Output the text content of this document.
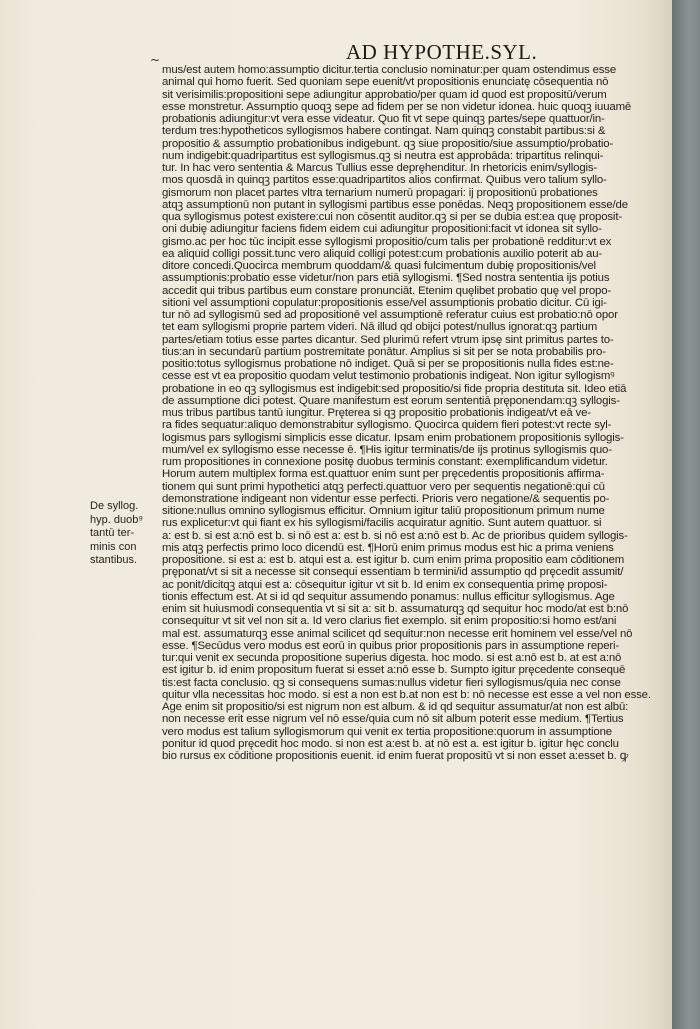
~	AD HYPOTHE.SYL.
De syllog.
hyp. duob⁹
tantū ter-
minis con
stantibus.
mus/est autem homo:assumptio dicitur.tertia conclusio nominatur:per quam ostendimus esse
animal qui homo fuerit. Sed quoniam sepe euenit/vt propositionis enunciatę cōsequentia nō
sit verisimilis:propositioni sepe adiungitur approbatio/per quam id quod est propositū/verum
esse monstretur. Assumptio quoqꝫ sepe ad fidem per se non videtur idonea. huic quoqꝫ iuuamē
probationis adiungitur:vt vera esse videatur. Quo fit vt sepe quinqꝫ partes/sepe quattuor/in-
terdum tres:hypotheticos syllogismos habere contingat. Nam quinqꝫ constabit partibus:si &
propositio & assumptio probationibus indigebunt. qꝫ siue propositio/siue assumptio/probatio-
num indigebit:quadripartitus est syllogismus.qꝫ si neutra est approbāda: tripartitus relinqui-
tur. In hac vero sententia & Marcus Tullius esse depręhenditur. In rhetoricis enim/syllogis-
mos quosdā in quinqꝫ partitos esse:quadripartitos alios confirmat. Quibus vero talium syllo-
gismorum non placet partes vltra ternarium numerū propagari: ij propositionū probationes
atqꝫ assumptionū non putant in syllogismi partibus esse ponēdas. Neqꝫ propositionem esse/de
qua syllogismus potest existere:cui non cōsentit auditor.qꝫ si per se dubia est:ea quę proposit-
oni dubię adiungitur faciens fidem eidem cui adiungitur propositioni:facit vt idonea sit syllo-
gismo.ac per hoc tūc incipit esse syllogismi propositio/cum talis per probationē redditur:vt ex
ea aliquid colligi possit.tunc vero aliquid colligi potest:cum probationis auxilio poterit ab au-
ditore concedi.Quocirca membrum quoddam/& quasi fulcimentum dubię propositionis/vel
assumptionis:probatio esse videtur/non pars etiā syllogismi. ¶Sed nostra sententia ijs potius
accedit qui tribus partibus eum constare pronunciāt. Etenim quęlibet probatio quę vel propo-
sitioni vel assumptioni copulatur:propositionis esse/vel assumptionis probatio dicitur. Cū igi-
tur nō ad syllogismū sed ad propositionē vel assumptionē referatur cuius est probatio:nō opor
tet eam syllogismi proprie partem videri. Nā illud qd obijci potest/nullus ignorat:qꝫ partium
partes/etiam totius esse partes dicantur. Sed plurimū refert vtrum ipsę sint primitus partes to-
tius:an in secundarū partium postremitate ponātur. Amplius si sit per se nota probabilis pro-
positio:totus syllogismus probatione nō indiget. Quā si per se propositionis nulla fides est:ne-
cesse est vt ea propositio quodam velut testimonio probationis indigeat. Non igitur syllogismꝰ
probatione in eo qꝫ syllogismus est indigebit:sed propositio/si fide propria destituta sit. Ideo etiā
de assumptione dici potest. Quare manifestum est eorum sententiā pręponendam:qꝫ syllogis-
mus tribus partibus tantū iungitur. Pręterea si qꝫ propositio probationis indigeat/vt eā ve-
ra fides sequatur:aliquo demonstrabitur syllogismo. Quocirca quidem fieri potest:vt recte syl-
logismus pars syllogismi simplicis esse dicatur. Ipsam enim probationem propositionis syllogis-
mum/vel ex syllogismo esse necesse ē. ¶His igitur terminatis/de ijs protinus syllogismis quo-
rum propositiones in connexione positę duobus terminis constant: exemplificandum videtur.
Horum autem multiplex forma est.quattuor enim sunt per pręcedentis propositionis affirma-
tionem qui sunt primi hypothetici atqꝫ perfecti.quattuor vero per sequentis negationē:qui cū
demonstratione indigeant non videntur esse perfecti. Prioris vero negatione/& sequentis po-
sitione:nullus omnino syllogismus efficitur. Omnium igitur taliū propositionum primum nume
rus explicetur:vt qui fiant ex his syllogismi/facilis acquiratur agnitio. Sunt autem quattuor. si
a: est b. si est a:nō est b. si nō est a: est b. si nō est a:nō est b. Ac de prioribus quidem syllogis-
mis atqꝫ perfectis primo loco dicendū est. ¶Horū enim primus modus est hic a prima veniens
propositione. si est a: est b. atqui est a. est igitur b. cum enim prima propositio eam cōditionem
pręponat/vt si sit a necesse sit consequi essentiam b termini/id assumptio qd pręcedit assumit/
ac ponit/dicitqꝫ atqui est a: cōsequitur igitur vt sit b. Id enim ex consequentia primę proposi-
tionis effectum est. At si id qd sequitur assumendo ponamus: nullus efficitur syllogismus. Age
enim sit huiusmodi consequentia vt si sit a: sit b. assumaturqꝫ qd sequitur hoc modo/at est b:nō
consequitur vt sit vel non sit a. Id vero clarius fiet exemplo. sit enim propositio:si homo est/ani
mal est. assumaturqꝫ esse animal scilicet qd sequitur:non necesse erit hominem vel esse/vel nō
esse. ¶Secūdus vero modus est eorū in quibus prior propositionis pars in assumptione reperi-
tur:qui venit ex secunda propositione superius digesta. hoc modo. si est a:nō est b. at est a:nō
est igitur b. id enim propositum fuerat si esset a:nō esse b. Sumpto igitur pręcedente consequē
tis:est facta conclusio. qꝫ si consequens sumas:nullus videtur fieri syllogismus/quia nec conse
quitur vlla necessitas hoc modo. si est a non est b.at non est b: nō necesse est esse a vel non esse.
Age enim sit propositio/si est nigrum non est album. & id qd sequitur assumatur/at non est albū:
non necesse erit esse nigrum vel nō esse/quia cum nō sit album poterit esse medium. ¶Tertius
vero modus est talium syllogismorum qui venit ex tertia propositione:quorum in assumptione
ponitur id quod pręcedit hoc modo. si non est a:est b. at nō est a. est igitur b. igitur hęc conclu
bio rursus ex cōditione propositionis euenit. id enim fuerat propositū vt si non esset a:esset b. ꝙ
